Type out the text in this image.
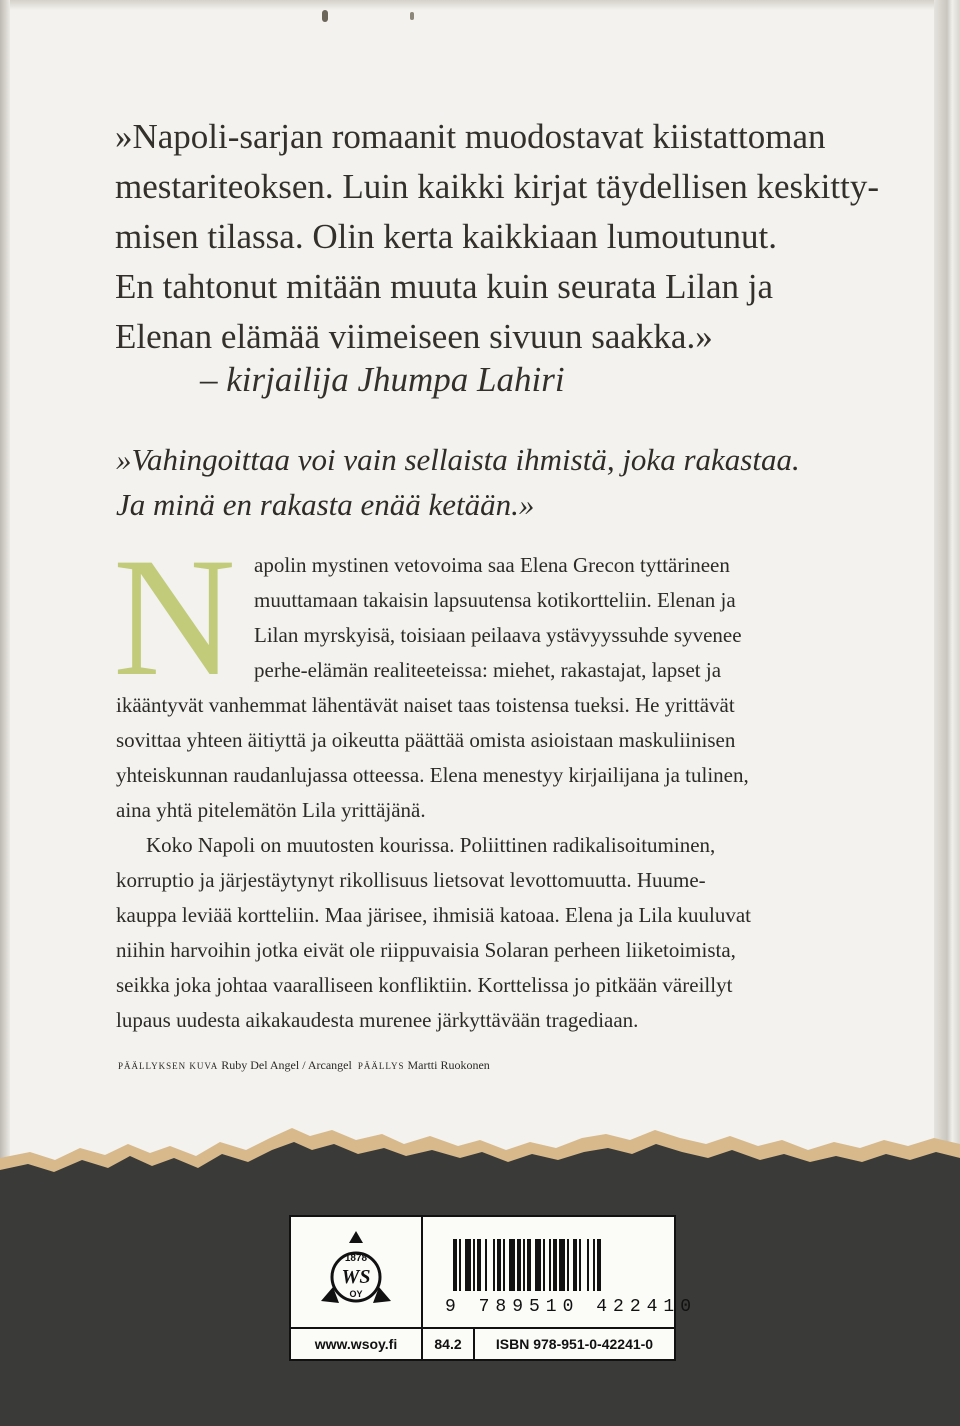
»Napoli-sarjan romaanit muodostavat kiistattoman
mestariteoksen. Luin kaikki kirjat täydellisen keskitty-
misen tilassa. Olin kerta kaikkiaan lumoutunut.
En tahtonut mitään muuta kuin seurata Lilan ja
Elenan elämää viimeiseen sivuun saakka.»
– kirjailija Jhumpa Lahiri
»Vahingoittaa voi vain sellaista ihmistä, joka rakastaa.
Ja minä en rakasta enää ketään.»
N apolin mystinen vetovoima saa Elena Grecon tyttärineen
muuttamaan takaisin lapsuutensa kotikortteliin. Elenan ja
Lilan myrskyisä, toisiaan peilaava ystävyyssuhde syvenee
perhe-elämän realiteeteissa: miehet, rakastajat, lapset ja
ikääntyvät vanhemmat lähentävät naiset taas toistensa tueksi. He yrittävät
sovittaa yhteen äitiyttä ja oikeutta päättää omista asioistaan maskuliinisen
yhteiskunnan raudanlujassa otteessa. Elena menestyy kirjailijana ja tulinen,
aina yhtä pitelemätön Lila yrittäjänä.
Koko Napoli on muutosten kourissa. Poliittinen radikalisoituminen,
korruptio ja järjestäytynyt rikollisuus lietsovat levottomuutta. Huume-
kauppa leviää kortteliin. Maa järisee, ihmisiä katoaa. Elena ja Lila kuuluvat
niihin harvoihin jotka eivät ole riippuvaisia Solaran perheen liiketoimista,
seikka joka johtaa vaaralliseen konfliktiin. Korttelissa jo pitkään väreillyt
lupaus uudesta aikakaudesta murenee järkyttävään tragediaan.
PÄÄLLYKSEN KUVA Ruby Del Angel / Arcangel PÄÄLLYS Martti Ruokonen
1878
WS
OY
9 789510 422410
www.wsoy.fi	84.2	ISBN 978-951-0-42241-0
